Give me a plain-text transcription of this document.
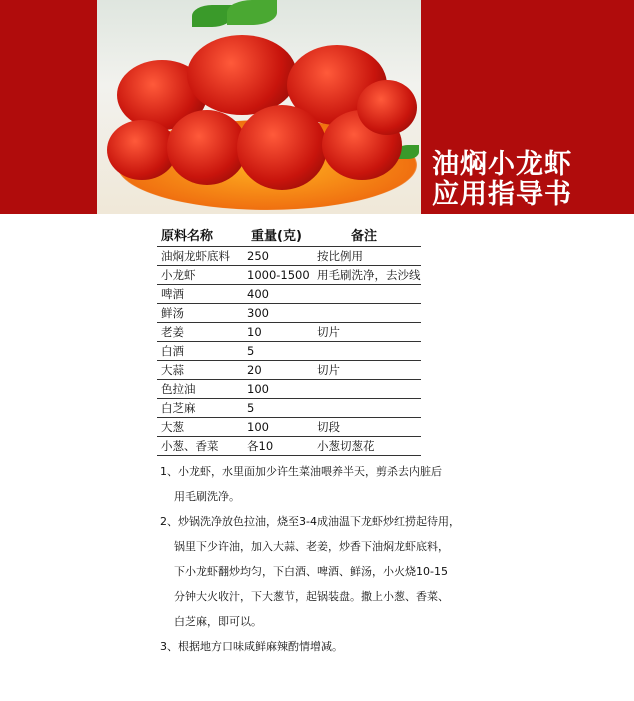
油焖小龙虾
应用指导书
原料名称	重量(克)	备注
油焖龙虾底料	250	按比例用
小龙虾	1000-1500 用毛刷洗净，去沙线
啤酒	400
鲜汤	300
老姜	10	切片
白酒	5
大蒜	20	切片
色拉油	100
白芝麻	5
大葱	100	切段
小葱、香菜	各10	小葱切葱花
1、小龙虾，水里面加少许生菜油喂养半天，剪杀去内脏后
用毛刷洗净。
2、炒锅洗净放色拉油，烧至3-4成油温下龙虾炒红捞起待用，
锅里下少许油，加入大蒜、老姜，炒香下油焖龙虾底料，
下小龙虾翻炒均匀，下白酒、啤酒、鲜汤，小火烧10-15
分钟大火收汁，下大葱节，起锅装盘。撒上小葱、香菜、
白芝麻，即可以。
3、根据地方口味咸鲜麻辣酌情增减。
